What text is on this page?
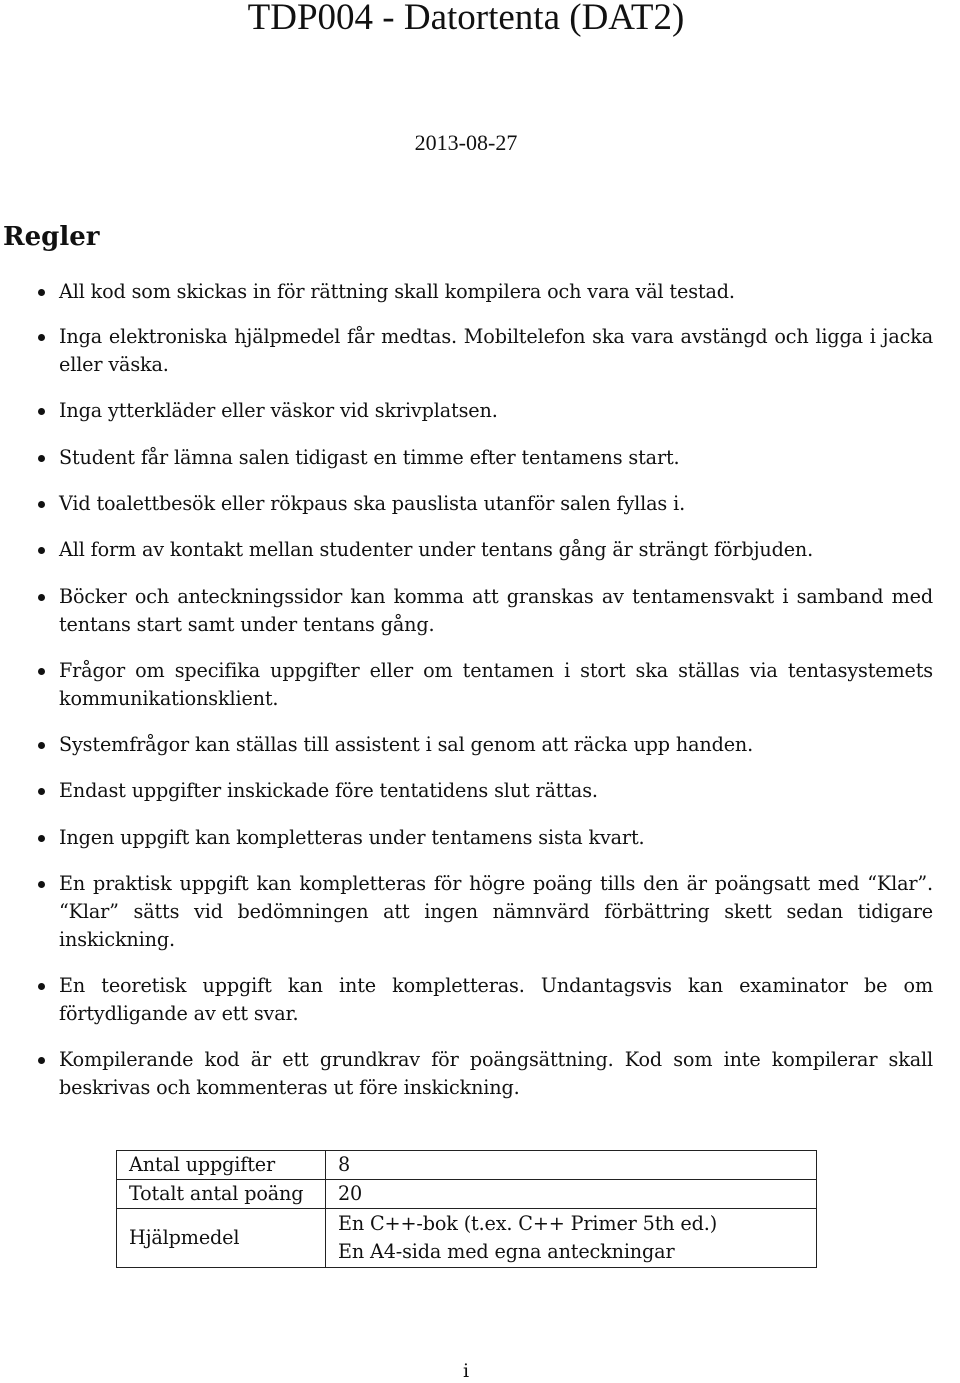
TDP004 - Datortenta (DAT2)
2013-08-27
Regler
All kod som skickas in för rättning skall kompilera och vara väl testad.
Inga elektroniska hjälpmedel får medtas. Mobiltelefon ska vara avstängd och ligga i jacka eller väska.
Inga ytterkläder eller väskor vid skrivplatsen.
Student får lämna salen tidigast en timme efter tentamens start.
Vid toalettbesök eller rökpaus ska pauslista utanför salen fyllas i.
All form av kontakt mellan studenter under tentans gång är strängt förbjuden.
Böcker och anteckningssidor kan komma att granskas av tentamensvakt i samband med tentans start samt under tentans gång.
Frågor om specifika uppgifter eller om tentamen i stort ska ställas via tentasystemets kommunikationsklient.
Systemfrågor kan ställas till assistent i sal genom att räcka upp handen.
Endast uppgifter inskickade före tentatidens slut rättas.
Ingen uppgift kan kompletteras under tentamens sista kvart.
En praktisk uppgift kan kompletteras för högre poäng tills den är poängsatt med “Klar”. “Klar” sätts vid bedömningen att ingen nämnvärd förbättring skett sedan tidigare inskickning.
En teoretisk uppgift kan inte kompletteras. Undantagsvis kan examinator be om förtydligande av ett svar.
Kompilerande kod är ett grundkrav för poängsättning. Kod som inte kompilerar skall beskrivas och kommenteras ut före inskickning.
Antal uppgifter	8
Totalt antal poäng	20
Hjälpmedel	En C++-bok (t.ex. C++ Primer 5th ed.)
En A4-sida med egna anteckningar
i
